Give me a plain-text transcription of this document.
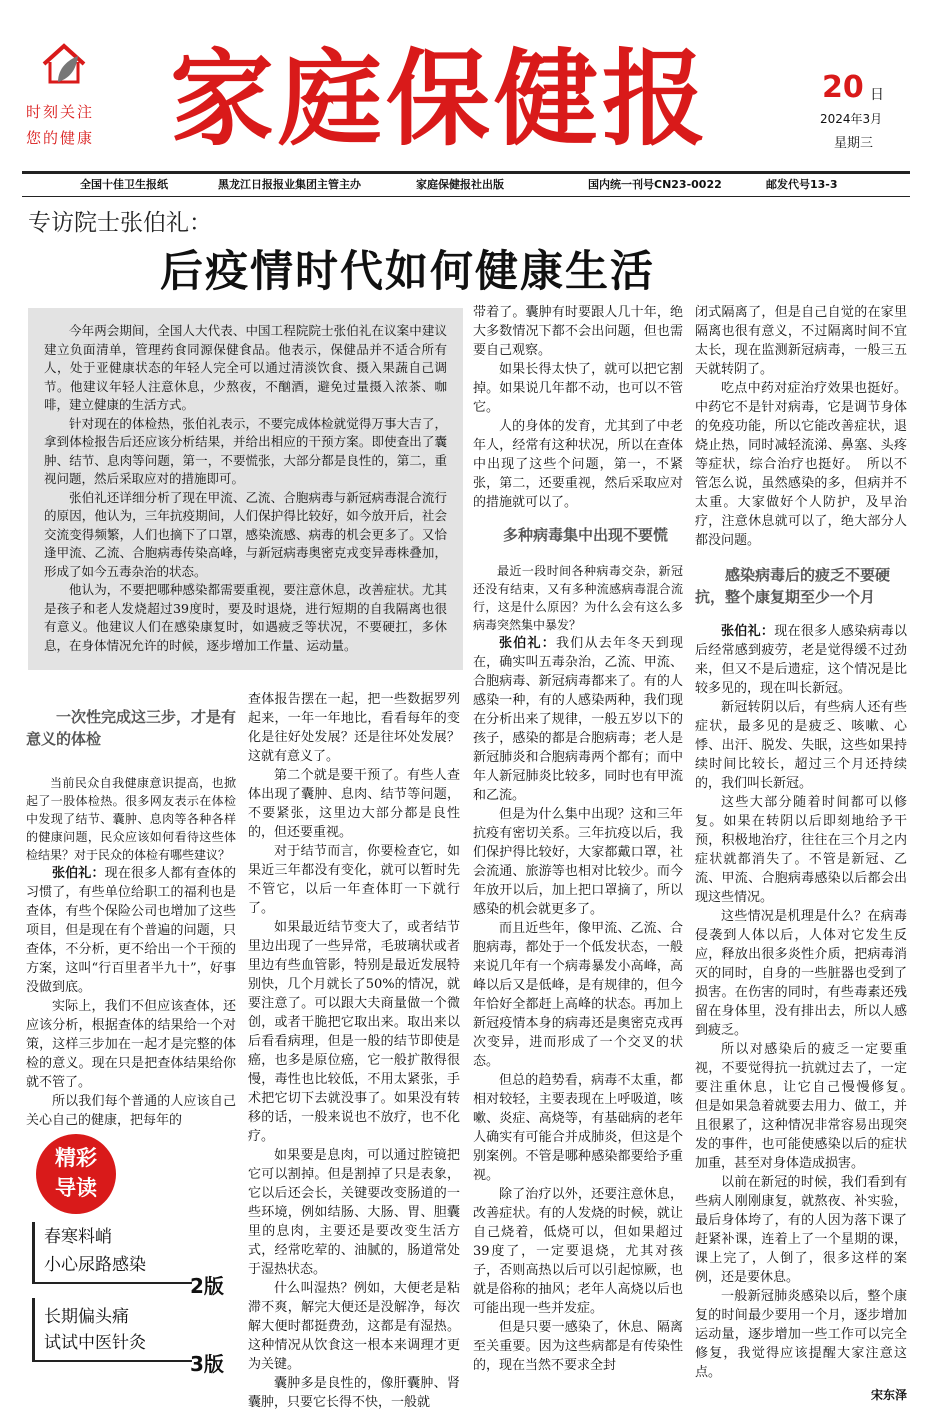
时刻关注
您的健康 家庭保健报	20 日
2024年3月
星期三
全国十佳卫生报纸	黑龙江日报报业集团主管主办	家庭保健报社出版	国内统一刊号CN23-0022	邮发代号13-3
专访院士张伯礼：
后疫情时代如何健康生活

今年两会期间，全国人大代表、中国工程院院士张伯礼在议案中建议建立负面清单，管理药食同源保健食品。他表示，保健品并不适合所有人，处于亚健康状态的年轻人完全可以通过清淡饮食、摄入果蔬自己调节。他建议年轻人注意休息，少熬夜，不酗酒，避免过量摄入浓茶、咖啡，建立健康的生活方式。

针对现在的体检热，张伯礼表示，不要完成体检就觉得万事大吉了，拿到体检报告后还应该分析结果，并给出相应的干预方案。即使查出了囊肿、结节、息肉等问题，第一，不要慌张，大部分都是良性的，第二，重视问题，然后采取应对的措施即可。

张伯礼还详细分析了现在甲流、乙流、合胞病毒与新冠病毒混合流行的原因，他认为，三年抗疫期间，人们保护得比较好，如今放开后，社会交流变得频繁，人们也摘下了口罩，感染流感、病毒的机会更多了。又恰逢甲流、乙流、合胞病毒传染高峰，与新冠病毒奥密克戎变异毒株叠加，形成了如今五毒杂治的状态。

他认为，不要把哪种感染都需要重视，要注意休息，改善症状。尤其是孩子和老人发烧超过39度时，要及时退烧，进行短期的自我隔离也很有意义。他建议人们在感染康复时，如遇疲乏等状况，不要硬扛，多休息，在身体情况允许的时候，逐步增加工作量、运动量。

一次性完成这三步，才是有意义的体检

当前民众自我健康意识提高，也掀起了一股体检热。很多网友表示在体检中发现了结节、囊肿、息肉等各种各样的健康问题，民众应该如何看待这些体检结果？对于民众的体检有哪些建议？

张伯礼：现在很多人都有查体的习惯了，有些单位给职工的福利也是查体，有些个保险公司也增加了这些项目，但是现在有个普遍的问题，只查体，不分析，更不给出一个干预的方案，这叫“行百里者半九十”，好事没做到底。

实际上，我们不但应该查体，还应该分析，根据查体的结果给一个对策，这样三步加在一起才是完整的体检的意义。现在只是把查体结果给你就不管了。

所以我们每个普通的人应该自己关心自己的健康，把每年的

精彩
导读
春寒料峭
小心尿路感染
2版
长期偏头痛
试试中医针灸
3版

查体报告摆在一起，把一些数据罗列起来，一年一年地比，看看每年的变化是往好处发展？还是往坏处发展？这就有意义了。

第二个就是要干预了。有些人查体出现了囊肿、息肉、结节等问题，不要紧张，这里边大部分都是良性的，但还要重视。

对于结节而言，你要检查它，如果近三年都没有变化，就可以暂时先不管它，以后一年查体盯一下就行了。

如果最近结节变大了，或者结节里边出现了一些异常，毛玻璃状或者里边有些血管影，特别是最近发展特别快，几个月就长了50%的情况，就要注意了。可以跟大夫商量做一个微创，或者干脆把它取出来。取出来以后看看病理，但是一般的结节即使是癌，也多是原位癌，它一般扩散得很慢，毒性也比较低，不用太紧张，手术把它切下去就没事了。如果没有转移的话，一般来说也不放疗，也不化疗。

如果要是息肉，可以通过腔镜把它可以割掉。但是割掉了只是表象，它以后还会长，关键要改变肠道的一些环境，例如结肠、大肠、胃、胆囊里的息肉，主要还是要改变生活方式，经常吃荤的、油腻的，肠道常处于湿热状态。

什么叫湿热？例如，大便老是粘滞不爽，解完大便还是没解净，每次解大便时都挺费劲，这都是有湿热。这种情况从饮食这一根本来调理才更为关键。

囊肿多是良性的，像肝囊肿、肾囊肿，只要它长得不快，一般就

带着了。囊肿有时要跟人几十年，绝大多数情况下都不会出问题，但也需要自己观察。

如果长得太快了，就可以把它割掉。如果说几年都不动，也可以不管它。

人的身体的发育，尤其到了中老年人，经常有这种状况，所以在查体中出现了这些个问题，第一，不紧张，第二，还要重视，然后采取应对的措施就可以了。

多种病毒集中出现不要慌

最近一段时间各种病毒交杂，新冠还没有结束，又有多种流感病毒混合流行，这是什么原因？为什么会有这么多病毒突然集中暴发？

张伯礼：我们从去年冬天到现在，确实叫五毒杂治，乙流、甲流、合胞病毒、新冠病毒都来了。有的人感染一种，有的人感染两种，我们现在分析出来了规律，一般五岁以下的孩子，感染的都是合胞病毒；老人是新冠肺炎和合胞病毒两个都有；而中年人新冠肺炎比较多，同时也有甲流和乙流。

但是为什么集中出现？这和三年抗疫有密切关系。三年抗疫以后，我们保护得比较好，大家都戴口罩，社会流通、旅游等也相对比较少。而今年放开以后，加上把口罩摘了，所以感染的机会就更多了。

而且近些年，像甲流、乙流、合胞病毒，都处于一个低发状态，一般来说几年有一个病毒暴发小高峰，高峰以后又是低峰，是有规律的，但今年恰好全都赶上高峰的状态。再加上新冠疫情本身的病毒还是奥密克戎再次变异，进而形成了一个交叉的状态。

但总的趋势看，病毒不太重，都相对较轻，主要表现在上呼吸道，咳嗽、炎症、高烧等，有基础病的老年人确实有可能合并成肺炎，但这是个别案例。不管是哪种感染都要给予重视。

除了治疗以外，还要注意休息，改善症状。有的人发烧的时候，就让自己烧着，低烧可以，但如果超过39度了，一定要退烧，尤其对孩子，否则高热以后可以引起惊厥，也就是俗称的抽风；老年人高烧以后也可能出现一些并发症。

但是只要一感染了，休息、隔离至关重要。因为这些病都是有传染性的，现在当然不要求全封

闭式隔离了，但是自己自觉的在家里隔离也很有意义，不过隔离时间不宜太长，现在监测新冠病毒，一般三五天就转阴了。

吃点中药对症治疗效果也挺好。中药它不是针对病毒，它是调节身体的免疫功能，所以它能改善症状，退烧止热，同时减轻流涕、鼻塞、头疼等症状，综合治疗也挺好。　所以不管怎么说，虽然感染的多，但病并不太重。大家做好个人防护，及早治疗，注意休息就可以了，绝大部分人都没问题。

感染病毒后的疲乏不要硬抗，整个康复期至少一个月

张伯礼：现在很多人感染病毒以后经常感到疲劳，老是觉得缓不过劲来，但又不是后遗症，这个情况是比较多见的，现在叫长新冠。

新冠转阴以后，有些病人还有些症状，最多见的是疲乏、咳嗽、心悸、出汗、脱发、失眠，这些如果持续时间比较长，超过三个月还持续的，我们叫长新冠。

这些大部分随着时间都可以修复。如果在转阴以后即刻地给予干预，积极地治疗，往往在三个月之内症状就都消失了。不管是新冠、乙流、甲流、合胞病毒感染以后都会出现这些情况。

这些情况是机理是什么？在病毒侵袭到人体以后，人体对它发生反应，释放出很多炎性介质，把病毒消灭的同时，自身的一些脏器也受到了损害。在伤害的同时，有些毒素还残留在身体里，没有排出去，所以人感到疲乏。

所以对感染后的疲乏一定要重视，不要觉得抗一抗就过去了，一定要注重休息，让它自己慢慢修复。　但是如果急着就要去用力、做工，并且很累了，这种情况非常容易出现突发的事件，也可能使感染以后的症状加重，甚至对身体造成损害。

以前在新冠的时候，我们看到有些病人刚刚康复，就熬夜、补实验，最后身体垮了，有的人因为落下课了赶紧补课，连着上了一个星期的课，课上完了，人倒了，很多这样的案例，还是要休息。

一般新冠肺炎感染以后，整个康复的时间最少要用一个月，逐步增加运动量，逐步增加一些工作可以完全修复，我觉得应该提醒大家注意这点。

宋东泽
